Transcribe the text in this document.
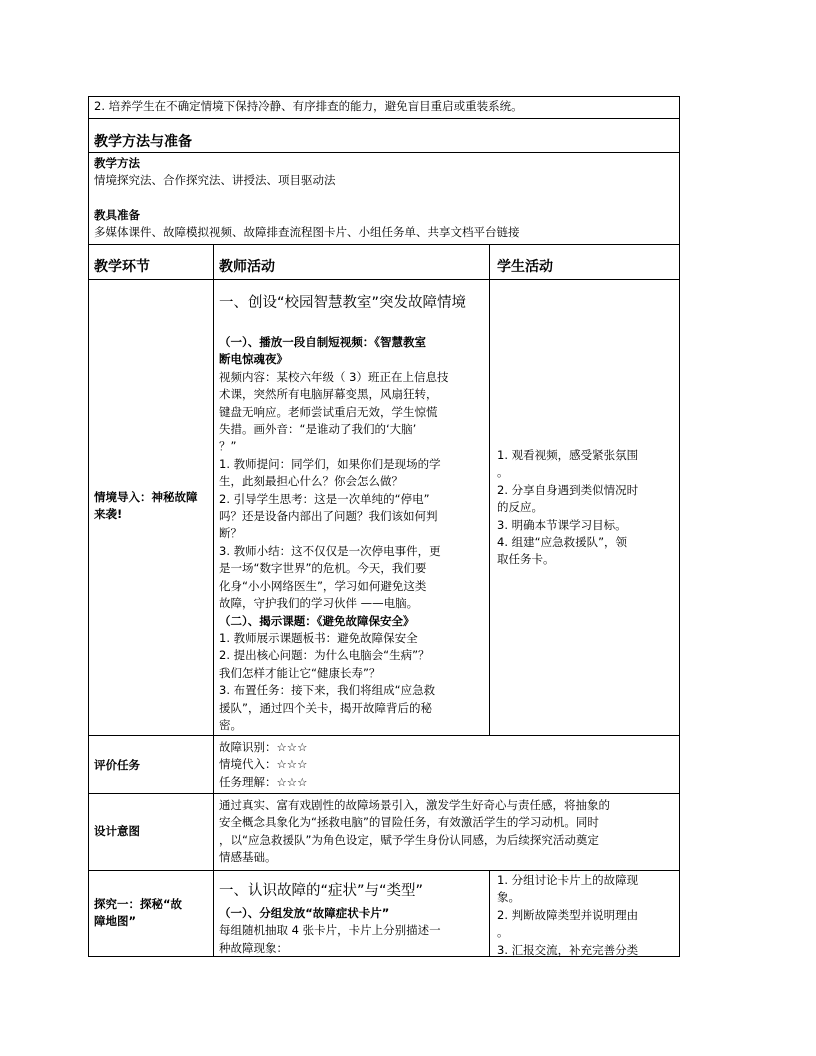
2. 培养学生在不确定情境下保持冷静、有序排查的能力，避免盲目重启或重装系统。
教学方法与准备
教学方法
情境探究法、合作探究法、讲授法、项目驱动法
教具准备
多媒体课件、故障模拟视频、故障排查流程图卡片、小组任务单、共享文档平台链接
教学环节	教师活动	学生活动
情境导入：神秘故障来袭!
一、创设“校园智慧教室”突发故障情境
（一）、播放一段自制短视频：《智慧教室
断电惊魂夜》
视频内容：某校六年级（ 3）班正在上信息技
术课，突然所有电脑屏幕变黑，风扇狂转，
键盘无响应。老师尝试重启无效，学生惊慌
失措。画外音：“是谁动了我们的‘大脑’
？”
1. 教师提问：同学们，如果你们是现场的学
生，此刻最担心什么？你会怎么做？
2. 引导学生思考：这是一次单纯的“停电”
吗？还是设备内部出了问题？我们该如何判
断？
3. 教师小结：这不仅仅是一次停电事件，更
是一场“数字世界”的危机。今天，我们要
化身“小小网络医生”，学习如何避免这类
故障，守护我们的学习伙伴 ——电脑。
（二）、揭示课题：《避免故障保安全》
1. 教师展示课题板书：避免故障保安全
2. 提出核心问题：为什么电脑会“生病”？
我们怎样才能让它“健康长寿”？
3. 布置任务：接下来，我们将组成“应急救
援队”，通过四个关卡，揭开故障背后的秘
密。
1. 观看视频，感受紧张氛围
。
2. 分享自身遇到类似情况时
的反应。
3. 明确本节课学习目标。
4. 组建“应急救援队”，领
取任务卡。
评价任务
故障识别：☆☆☆
情境代入：☆☆☆
任务理解：☆☆☆
设计意图
通过真实、富有戏剧性的故障场景引入，激发学生好奇心与责任感，将抽象的
安全概念具象化为“拯救电脑”的冒险任务，有效激活学生的学习动机。同时
，以“应急救援队”为角色设定，赋予学生身份认同感，为后续探究活动奠定
情感基础。
探究一：探秘“故
障地图”
一、认识故障的“症状”与“类型”
（一）、分组发放“故障症状卡片”
每组随机抽取 4 张卡片，卡片上分别描述一
种故障现象：
1. 分组讨论卡片上的故障现
象。
2. 判断故障类型并说明理由
。
3. 汇报交流，补充完善分类
